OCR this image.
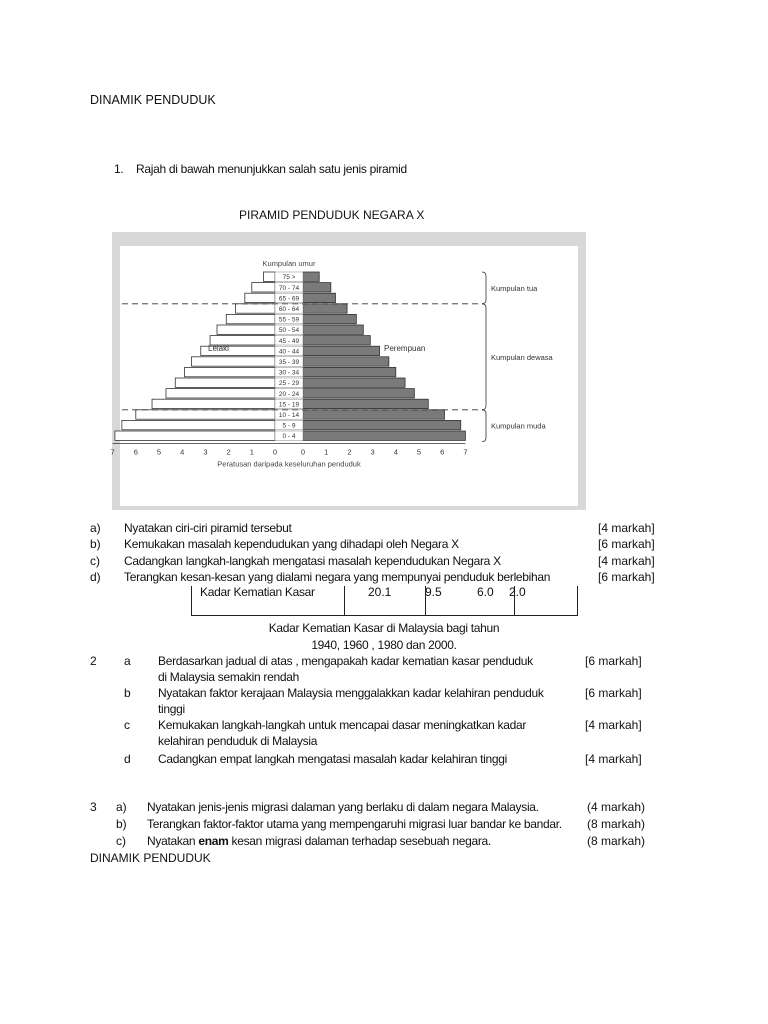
DINAMIK PENDUDUK
1. Rajah di bawah menunjukkan salah satu jenis piramid
PIRAMID PENDUDUK NEGARA X
Kumpulan umur
75 >
70 - 74
65 - 69
60 - 64
55 - 59
50 - 54
45 - 49
40 - 44
35 - 39
30 - 34
25 - 29
20 - 24
15 - 19
10 - 14
5 - 9
0 - 4
Lelaki	Perempuan
7	6	5	4	3	2	1	0	0	1	2	3	4	5	6	7
Peratusan daripada keseluruhan penduduk
Kumpulan tua
Kumpulan dewasa
Kumpulan muda
a) Nyatakan ciri-ciri piramid tersebut	[4 markah]
b) Kemukakan masalah kependudukan yang dihadapi oleh Negara X	[6 markah]
c) Cadangkan langkah-langkah mengatasi masalah kependudukan Negara X	[4 markah]
d) Terangkan kesan-kesan yang dialami negara yang mempunyai penduduk berlebihan	[6 markah]
Kadar Kematian Kasar	20.1	9.5	6.0 2.0
Kadar Kematian Kasar di Malaysia bagi tahun
1940, 1960 , 1980 dan 2000.
2 a Berdasarkan jadual di atas , mengapakah kadar kematian kasar penduduk
di Malaysia semakin rendah
[6 markah]
b Nyatakan faktor kerajaan Malaysia menggalakkan kadar kelahiran penduduk
tinggi
[6 markah]
c Kemukakan langkah-langkah untuk mencapai dasar meningkatkan kadar
kelahiran penduduk di Malaysia
[4 markah]
d Cadangkan empat langkah mengatasi masalah kadar kelahiran tinggi	[4 markah]
3 a) Nyatakan jenis-jenis migrasi dalaman yang berlaku di dalam negara Malaysia.	(4 markah)
b) Terangkan faktor-faktor utama yang mempengaruhi migrasi luar bandar ke bandar. (8 markah)
c) Nyatakan enam kesan migrasi dalaman terhadap sesebuah negara.	(8 markah)
DINAMIK PENDUDUK
